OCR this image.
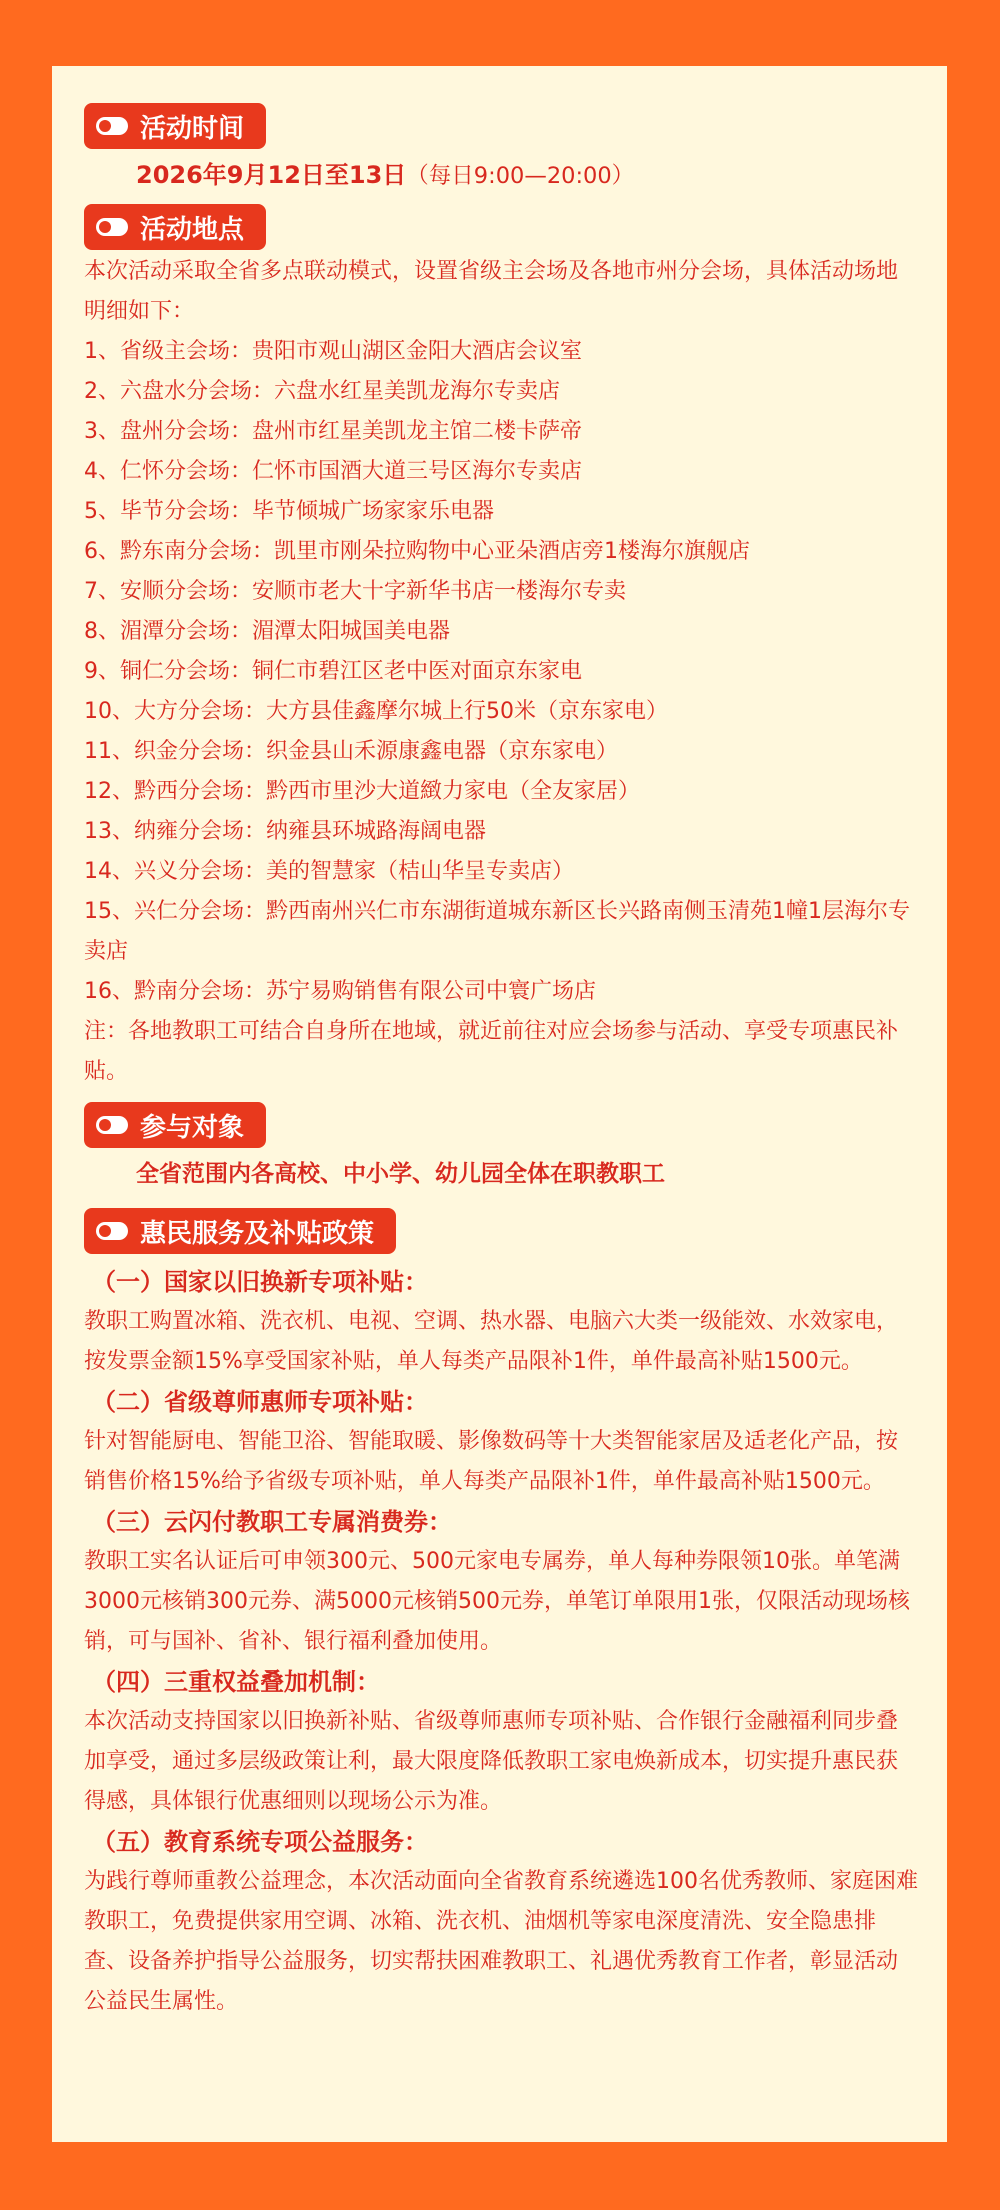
活动时间
2026年9月12日至13日（每日9:00—20:00）
活动地点
本次活动采取全省多点联动模式，设置省级主会场及各地市州分会场，具体活动场地明细如下：

1、省级主会场：贵阳市观山湖区金阳大酒店会议室

2、六盘水分会场：六盘水红星美凯龙海尔专卖店

3、盘州分会场：盘州市红星美凯龙主馆二楼卡萨帝

4、仁怀分会场：仁怀市国酒大道三号区海尔专卖店

5、毕节分会场：毕节倾城广场家家乐电器

6、黔东南分会场：凯里市刚朵拉购物中心亚朵酒店旁1楼海尔旗舰店

7、安顺分会场：安顺市老大十字新华书店一楼海尔专卖

8、湄潭分会场：湄潭太阳城国美电器

9、铜仁分会场：铜仁市碧江区老中医对面京东家电

10、大方分会场：大方县佳鑫摩尔城上行50米（京东家电）

11、织金分会场：织金县山禾源康鑫电器（京东家电）

12、黔西分会场：黔西市里沙大道緻力家电（全友家居）

13、纳雍分会场：纳雍县环城路海阔电器

14、兴义分会场：美的智慧家（桔山华呈专卖店）

15、兴仁分会场：黔西南州兴仁市东湖街道城东新区长兴路南侧玉清苑1幢1层海尔专卖店

16、黔南分会场：苏宁易购销售有限公司中寰广场店

注：各地教职工可结合自身所在地域，就近前往对应会场参与活动、享受专项惠民补贴。

参与对象
全省范围内各高校、中小学、幼儿园全体在职教职工
惠民服务及补贴政策
（一）国家以旧换新专项补贴：
教职工购置冰箱、洗衣机、电视、空调、热水器、电脑六大类一级能效、水效家电，按发票金额15%享受国家补贴，单人每类产品限补1件，单件最高补贴1500元。
（二）省级尊师惠师专项补贴：
针对智能厨电、智能卫浴、智能取暖、影像数码等十大类智能家居及适老化产品，按销售价格15%给予省级专项补贴，单人每类产品限补1件，单件最高补贴1500元。
（三）云闪付教职工专属消费券：
教职工实名认证后可申领300元、500元家电专属券，单人每种券限领10张。单笔满3000元核销300元券、满5000元核销500元券，单笔订单限用1张，仅限活动现场核销，可与国补、省补、银行福利叠加使用。
（四）三重权益叠加机制：
本次活动支持国家以旧换新补贴、省级尊师惠师专项补贴、合作银行金融福利同步叠加享受，通过多层级政策让利，最大限度降低教职工家电焕新成本，切实提升惠民获得感，具体银行优惠细则以现场公示为准。
（五）教育系统专项公益服务：
为践行尊师重教公益理念，本次活动面向全省教育系统遴选100名优秀教师、家庭困难教职工，免费提供家用空调、冰箱、洗衣机、油烟机等家电深度清洗、安全隐患排查、设备养护指导公益服务，切实帮扶困难教职工、礼遇优秀教育工作者，彰显活动公益民生属性。
